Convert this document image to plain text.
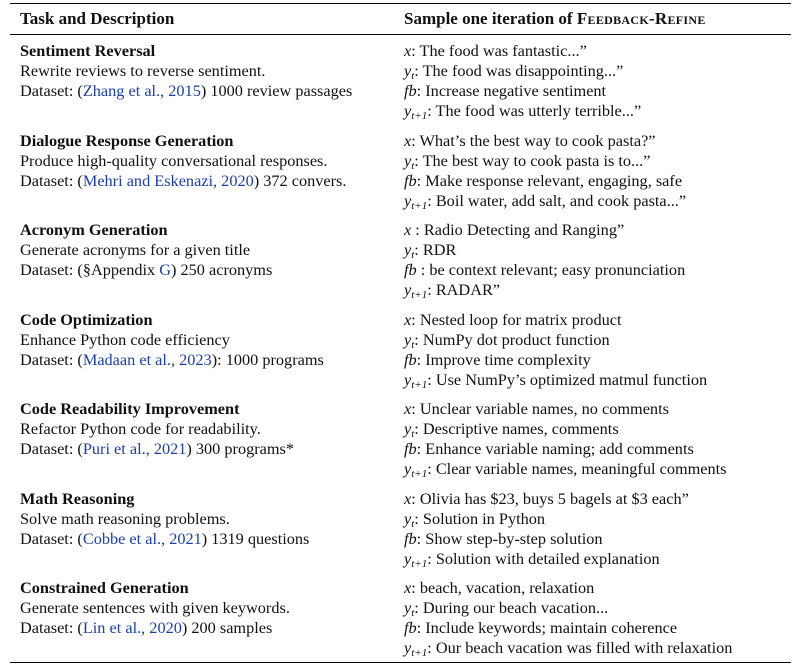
Task and Description	Sample one iteration of Feedback-Refine
Sentiment Reversal
Rewrite reviews to reverse sentiment.
Dataset: (Zhang et al., 2015) 1000 review passages
x: The food was fantastic...”
$y_t$: The food was disappointing...”
fb: Increase negative sentiment
$y_{t+1}$: The food was utterly terrible...”
Dialogue Response Generation
Produce high-quality conversational responses.
Dataset: (Mehri and Eskenazi, 2020) 372 convers.
x: What’s the best way to cook pasta?”
$y_t$: The best way to cook pasta is to...”
fb: Make response relevant, engaging, safe
$y_{t+1}$: Boil water, add salt, and cook pasta...”
Acronym Generation
Generate acronyms for a given title
Dataset: (§Appendix G) 250 acronyms
x : Radio Detecting and Ranging”
$y_t$: RDR
fb : be context relevant; easy pronunciation
$y_{t+1}$: RADAR”
Code Optimization
Enhance Python code efficiency
Dataset: (Madaan et al., 2023): 1000 programs
x: Nested loop for matrix product
$y_t$: NumPy dot product function
fb: Improve time complexity
$y_{t+1}$: Use NumPy’s optimized matmul function
Code Readability Improvement
Refactor Python code for readability.
Dataset: (Puri et al., 2021) 300 programs*
x: Unclear variable names, no comments
$y_t$: Descriptive names, comments
fb: Enhance variable naming; add comments
$y_{t+1}$: Clear variable names, meaningful comments
Math Reasoning
Solve math reasoning problems.
Dataset: (Cobbe et al., 2021) 1319 questions
x: Olivia has $23, buys 5 bagels at $3 each”
$y_t$: Solution in Python
fb: Show step-by-step solution
$y_{t+1}$: Solution with detailed explanation
Constrained Generation
Generate sentences with given keywords.
Dataset: (Lin et al., 2020) 200 samples
x: beach, vacation, relaxation
$y_t$: During our beach vacation...
fb: Include keywords; maintain coherence
$y_{t+1}$: Our beach vacation was filled with relaxation
